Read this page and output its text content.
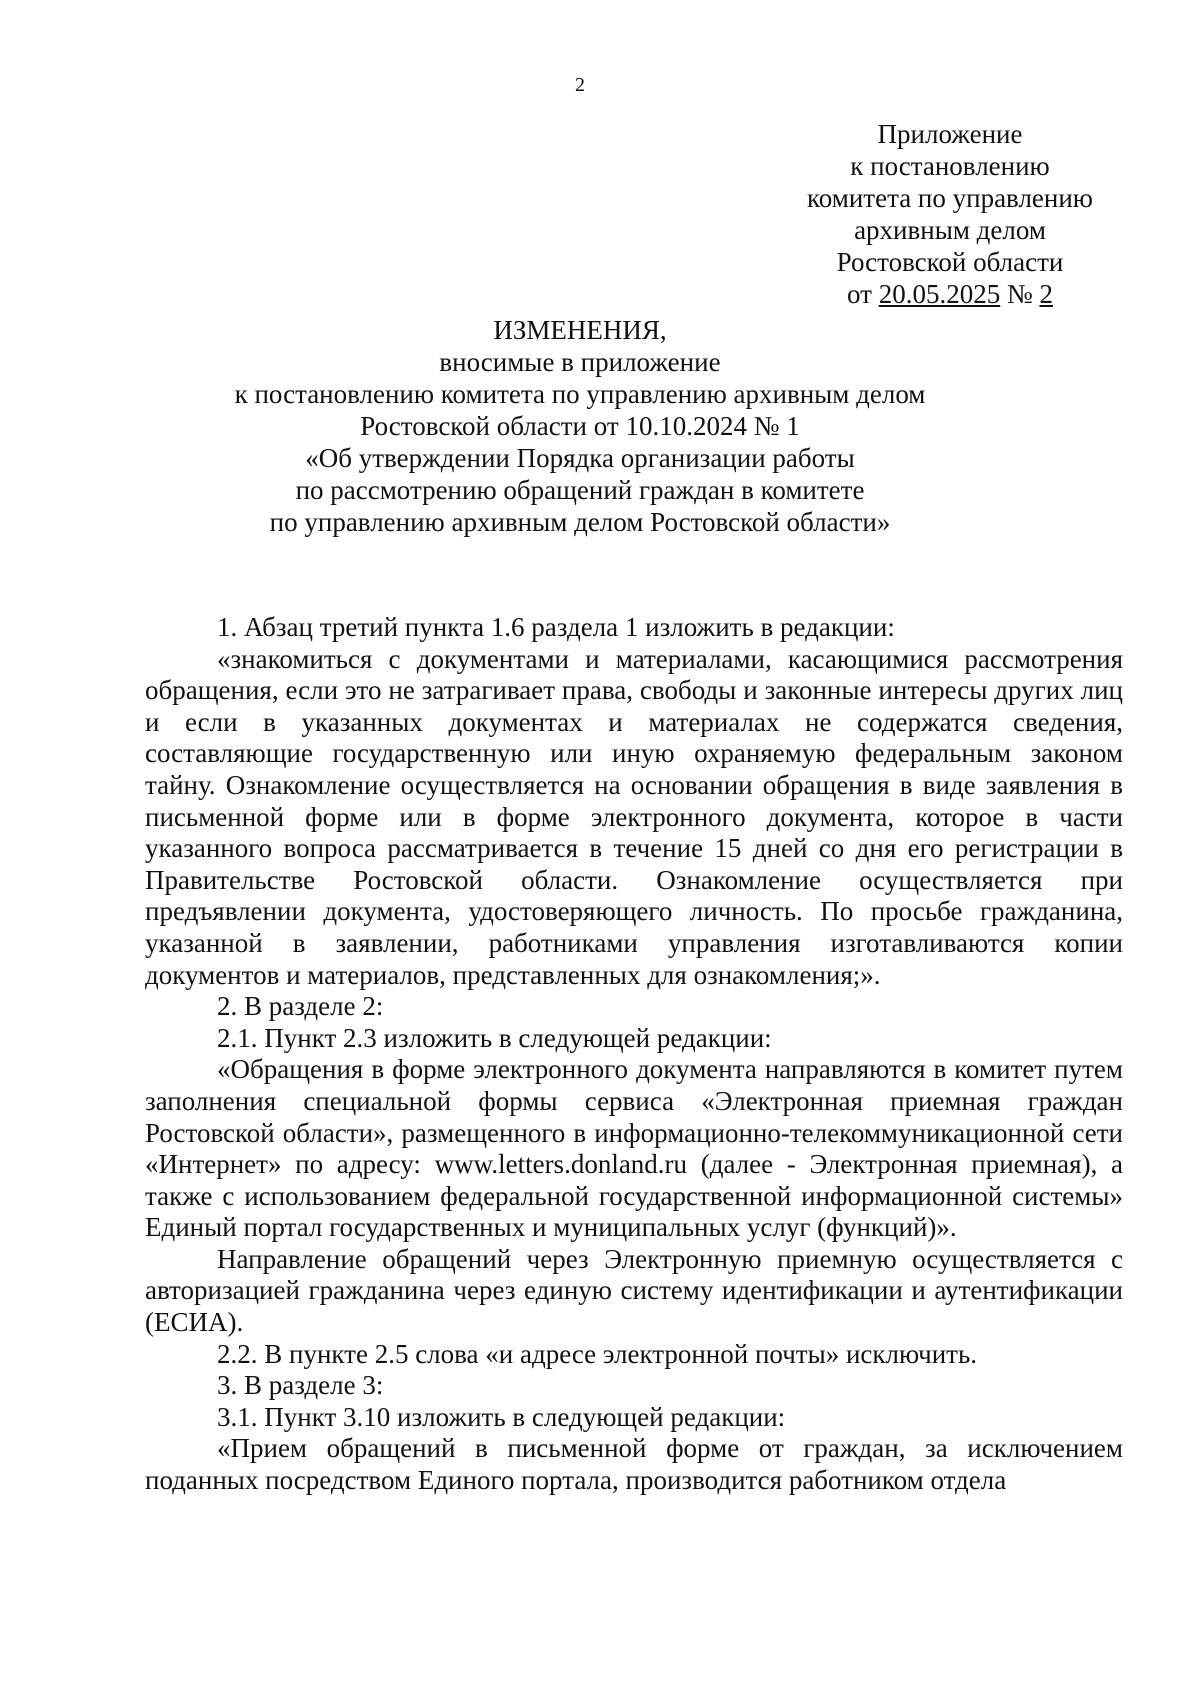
2
Приложение
к постановлению
комитета по управлению
архивным делом
Ростовской области
от 20.05.2025 № 2
ИЗМЕНЕНИЯ,
вносимые в приложение
к постановлению комитета по управлению архивным делом
Ростовской области от 10.10.2024 № 1
«Об утверждении Порядка организации работы
по рассмотрению обращений граждан в комитете
по управлению архивным делом Ростовской области»

1. Абзац третий пункта 1.6 раздела 1 изложить в редакции:

«знакомиться с документами и материалами, касающимися рассмотрения обращения, если это не затрагивает права, свободы и законные интересы других лиц и если в указанных документах и материалах не содержатся сведения, составляющие государственную или иную охраняемую федеральным законом тайну. Ознакомление осуществляется на основании обращения в виде заявления в письменной форме или в форме электронного документа, которое в части указанного вопроса рассматривается в течение 15 дней со дня его регистрации в Правительстве Ростовской области. Ознакомление осуществляется при предъявлении документа, удостоверяющего личность. По просьбе гражданина, указанной в заявлении, работниками управления изготавливаются копии документов и материалов, представленных для ознакомления;».

2. В разделе 2:

2.1. Пункт 2.3 изложить в следующей редакции:

«Обращения в форме электронного документа направляются в комитет путем заполнения специальной формы сервиса «Электронная приемная граждан Ростовской области», размещенного в информационно-телекоммуникационной сети «Интернет» по адресу: www.letters.donland.ru (далее - Электронная приемная), а также с использованием федеральной государственной информационной системы» Единый портал государственных и муниципальных услуг (функций)».

Направление обращений через Электронную приемную осуществляется с авторизацией гражданина через единую систему идентификации и аутентификации (ЕСИА).

2.2. В пункте 2.5 слова «и адресе электронной почты» исключить.

3. В разделе 3:

3.1. Пункт 3.10 изложить в следующей редакции:

«Прием обращений в письменной форме от граждан, за исключением поданных посредством Единого портала, производится работником отдела
